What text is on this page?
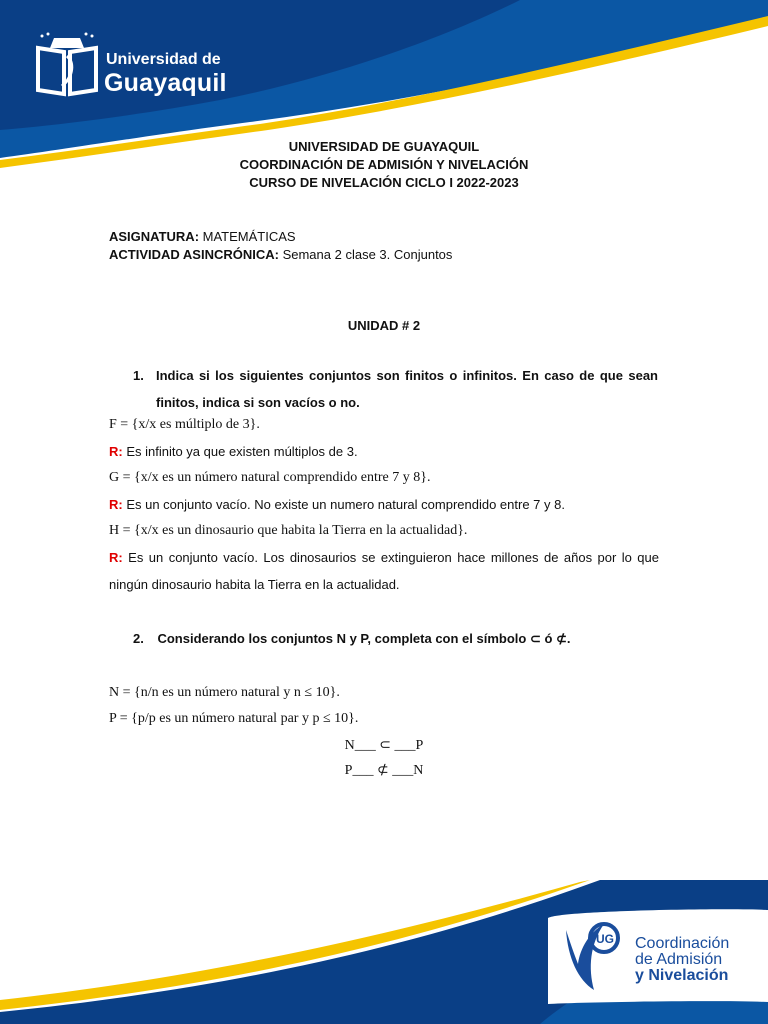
Universidad de
Guayaquil
UNIVERSIDAD DE GUAYAQUIL
COORDINACIÓN DE ADMISIÓN Y NIVELACIÓN
CURSO DE NIVELACIÓN CICLO I 2022-2023
ASIGNATURA: MATEMÁTICAS
ACTIVIDAD ASINCRÓNICA: Semana 2 clase 3. Conjuntos
UNIDAD # 2
1. Indica si los siguientes conjuntos son finitos o infinitos. En caso de que sean finitos, indica si son vacíos o no.
F = {x/x es múltiplo de 3}.
R: Es infinito ya que existen múltiplos de 3.
G = {x/x es un número natural comprendido entre 7 y 8}.
R: Es un conjunto vacío. No existe un numero natural comprendido entre 7 y 8.
H = {x/x es un dinosaurio que habita la Tierra en la actualidad}.
R: Es un conjunto vacío. Los dinosaurios se extinguieron hace millones de años por lo que ningún dinosaurio habita la Tierra en la actualidad.
2. Considerando los conjuntos N y P, completa con el símbolo ⊂ ó ⊄.
N = {n/n es un número natural y n ≤ 10}.
P = {p/p es un número natural par y p ≤ 10}.
N___ ⊂ ___P
P___ ⊄ ___N
UG Coordinación
de Admisión
y Nivelación
